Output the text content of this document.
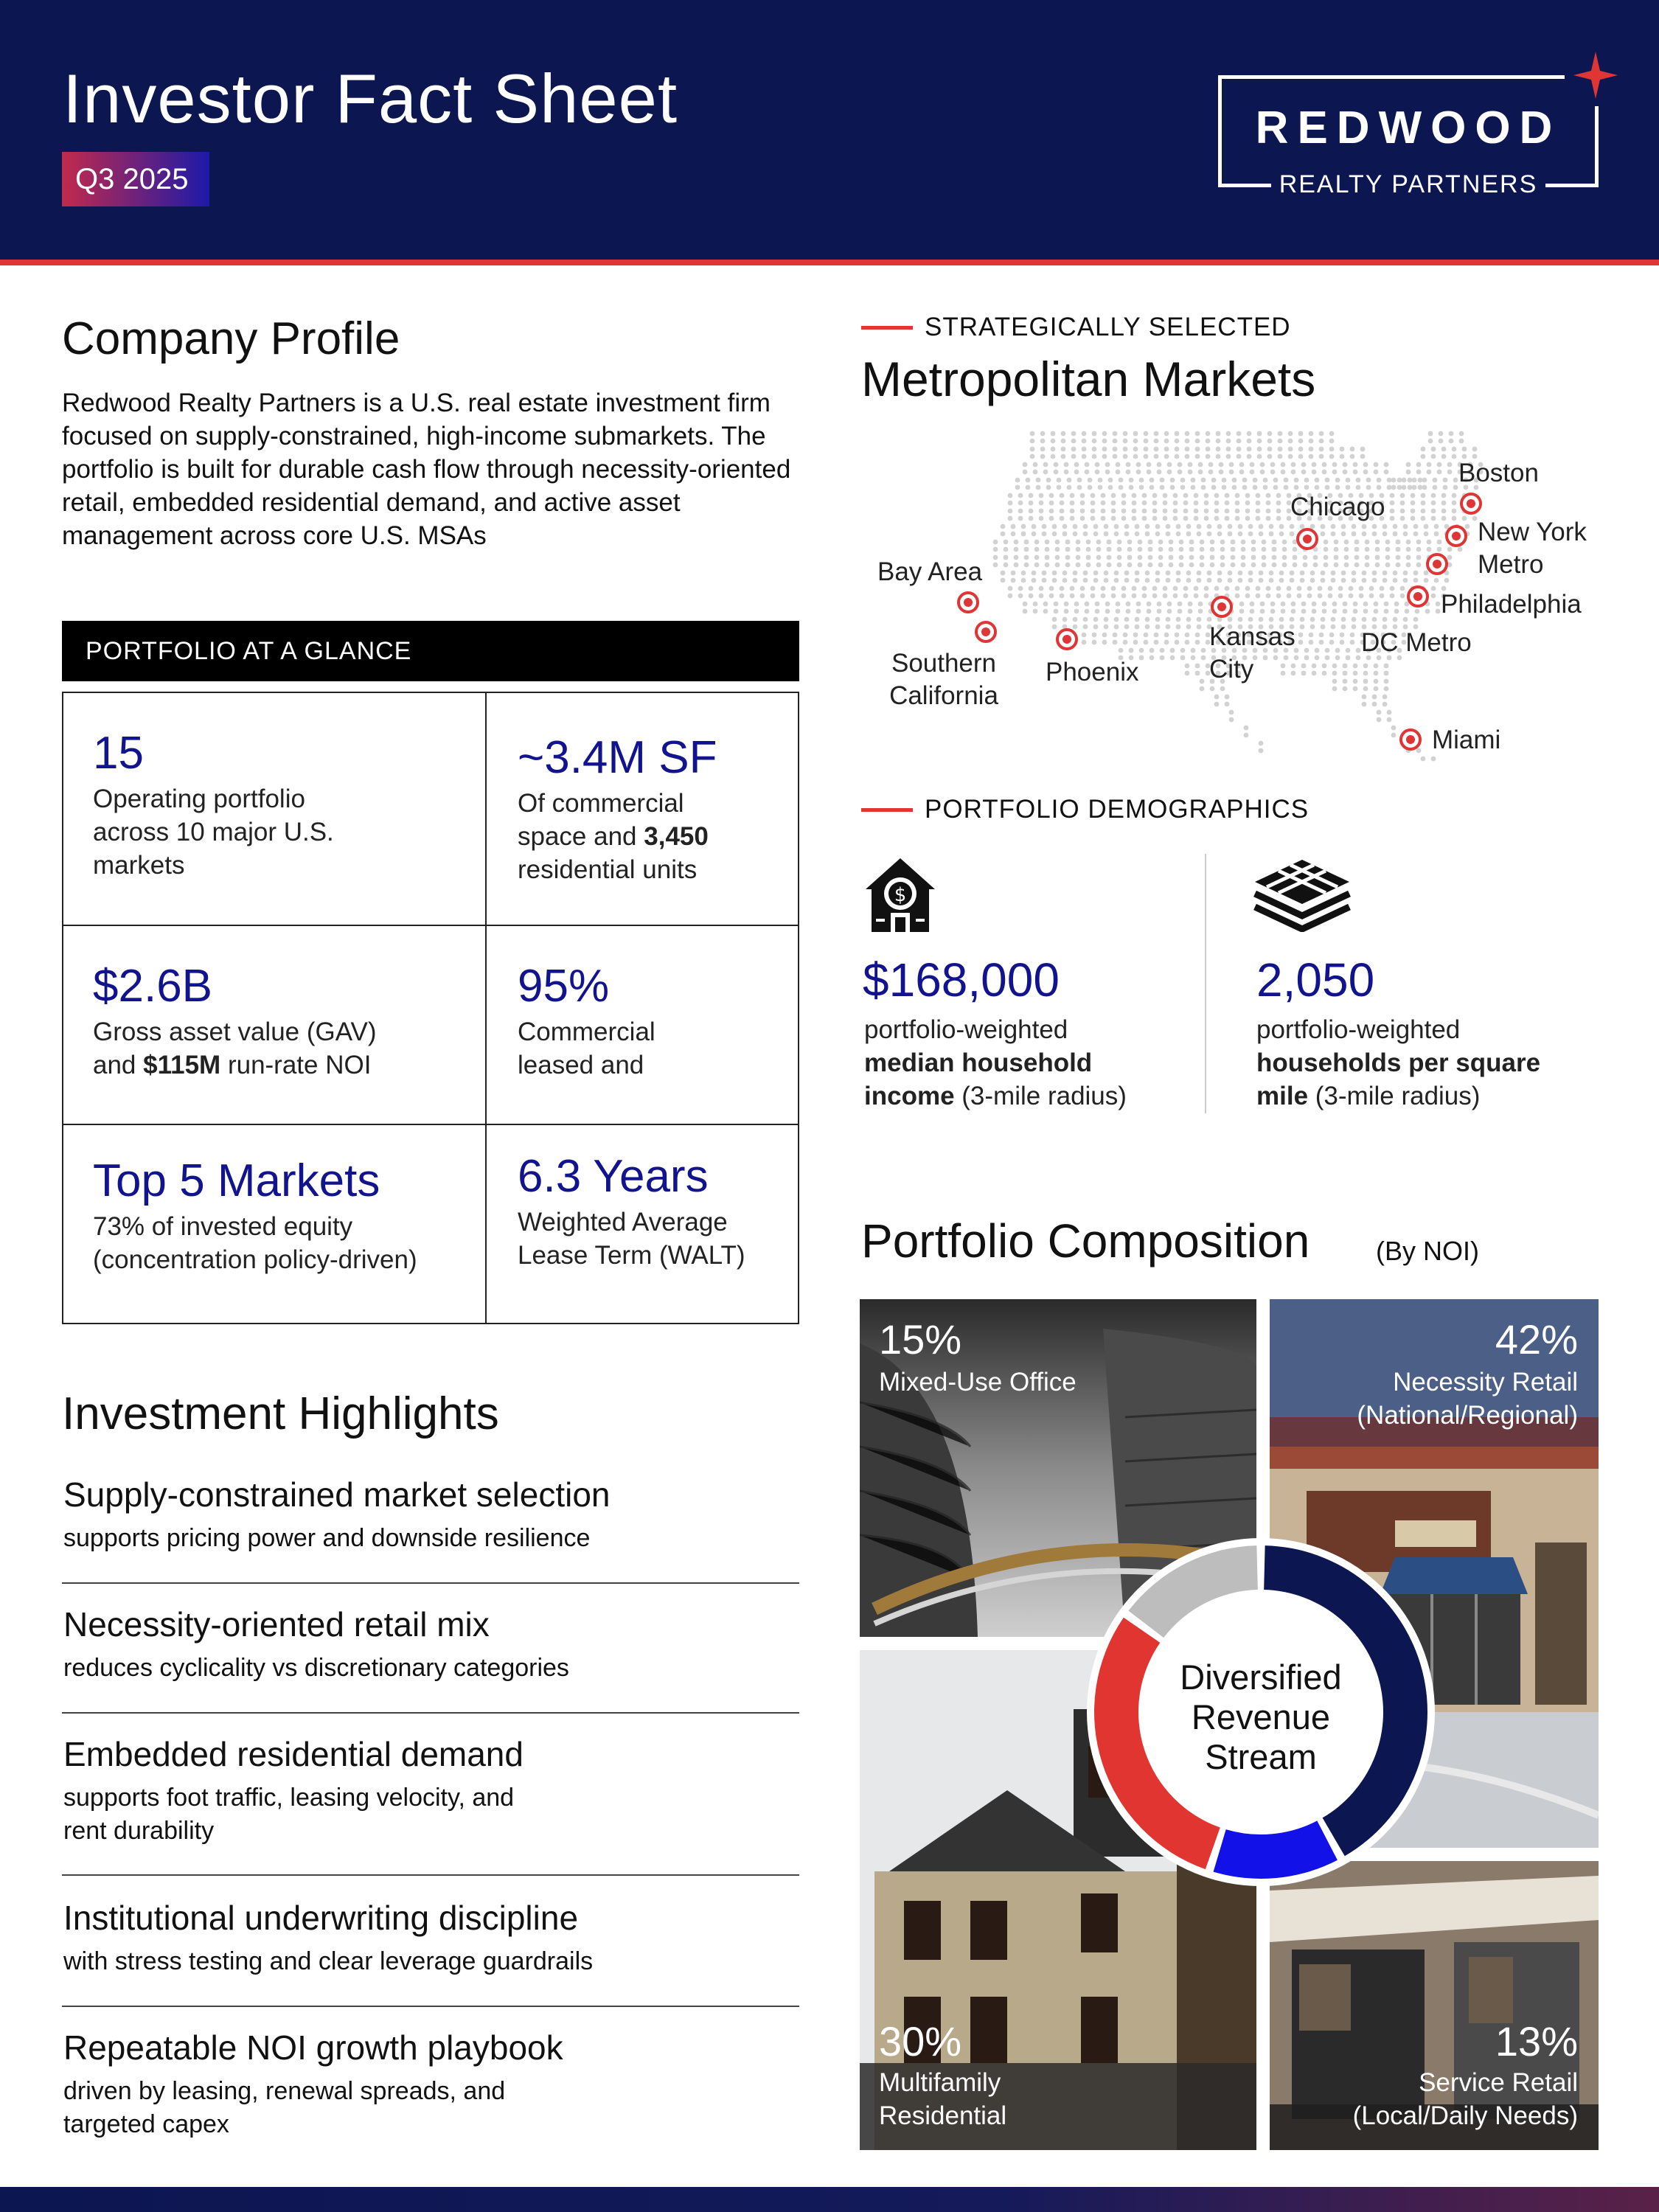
Investor Fact Sheet
Q3 2025
REDWOOD
REALTY PARTNERS
Company Profile
Redwood Realty Partners is a U.S. real estate investment firm focused on supply-constrained, high-income submarkets. The portfolio is built for durable cash flow through necessity-oriented retail, embedded residential demand, and active asset management across core U.S. MSAs
PORTFOLIO AT A GLANCE
15
Operating portfolio across 10 major U.S. markets
~3.4M SF
Of commercial space and 3,450 residential units
$2.6B
Gross asset value (GAV) and $115M run-rate NOI
95%
Commercial leased and
Top 5 Markets
73% of invested equity (concentration policy-driven)
6.3 Years
Weighted Average Lease Term (WALT)
Investment Highlights
Supply-constrained market selection
supports pricing power and downside resilience
Necessity-oriented retail mix
reduces cyclicality vs discretionary categories
Embedded residential demand
supports foot traffic, leasing velocity, and rent durability
Institutional underwriting discipline
with stress testing and clear leverage guardrails
Repeatable NOI growth playbook
driven by leasing, renewal spreads, and targeted capex
STRATEGICALLY SELECTED
Metropolitan Markets
Boston
Chicago
New York Metro
Bay Area
Philadelphia
Kansas City
DC Metro
Southern California
Phoenix
Miami
PORTFOLIO DEMOGRAPHICS
$
$168,000
portfolio-weighted
median household income (3-mile radius)
2,050
portfolio-weighted
households per square mile (3-mile radius)
Portfolio Composition (By NOI)
15%
Mixed-Use Office
42%
Necessity Retail (National/Regional)
30%
Multifamily Residential
13%
Service Retail (Local/Daily Needs)
Diversified Revenue Stream
